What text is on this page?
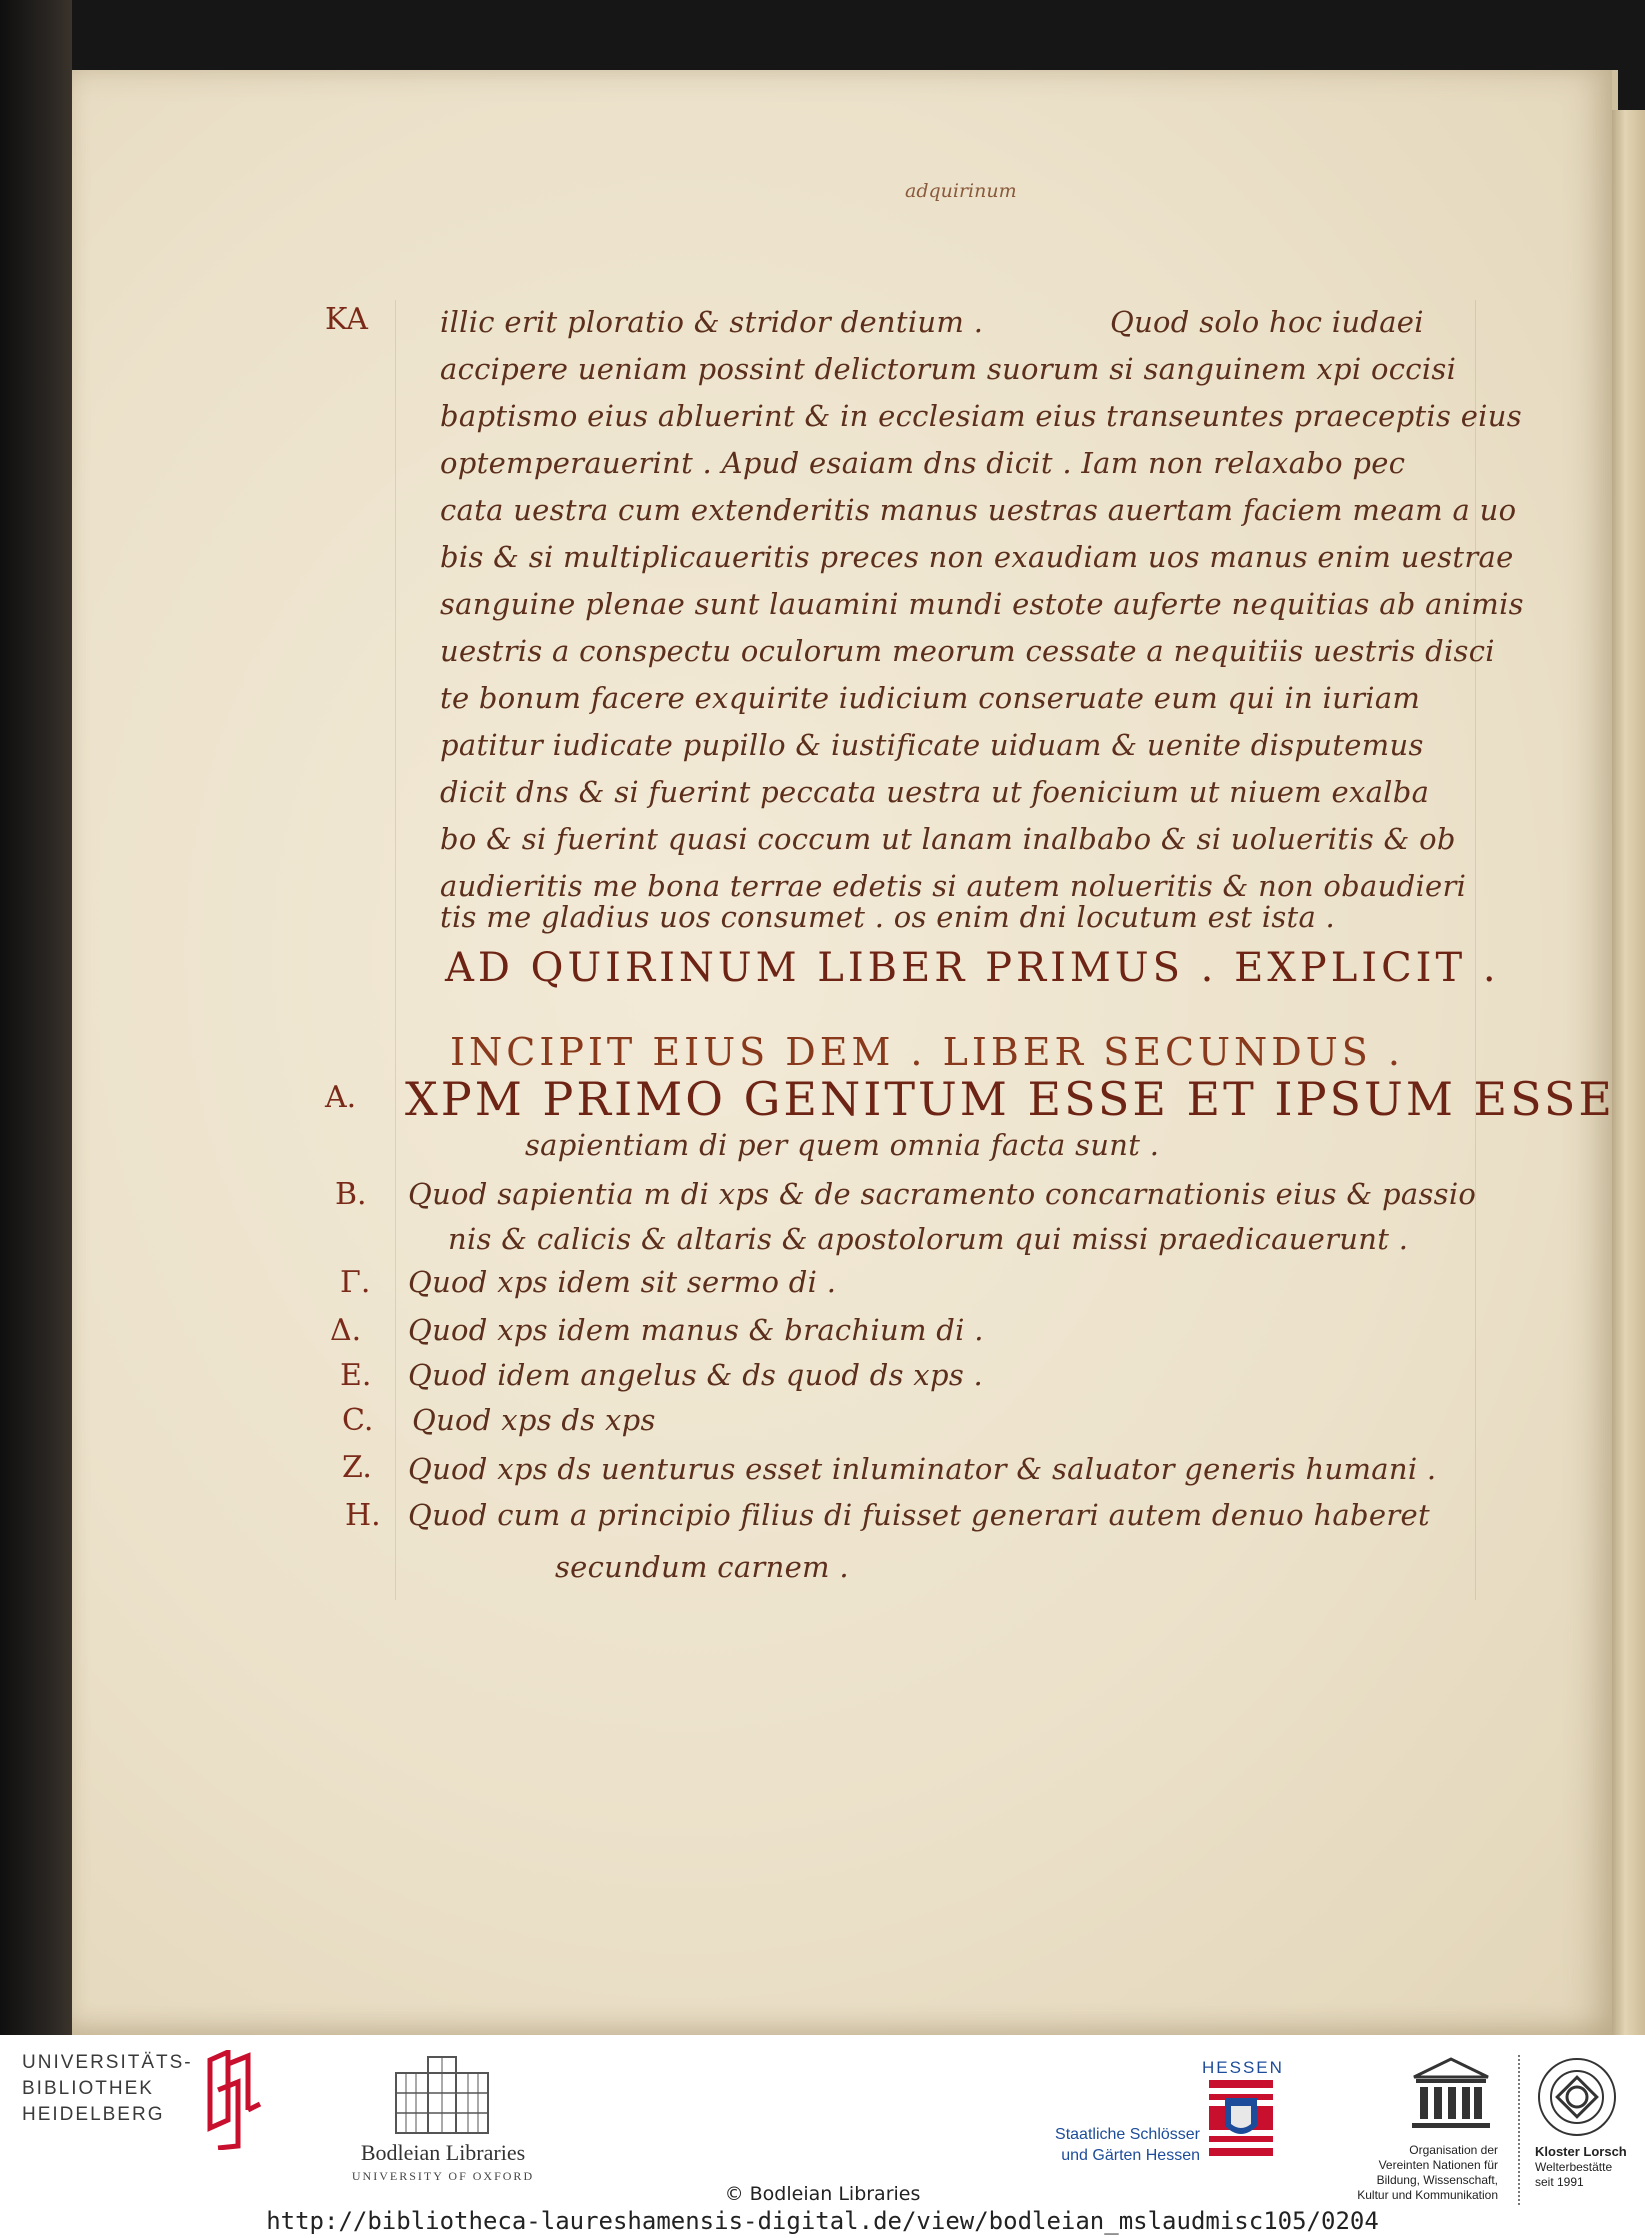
adquirinum
KA illic erit ploratio & stridor dentium .	Quod solo hoc iudaei
accipere ueniam possint delictorum suorum si sanguinem xpi occisi
baptismo eius abluerint & in ecclesiam eius transeuntes praeceptis eius
optemperauerint . Apud esaiam dns dicit . Iam non relaxabo pec
cata uestra cum extenderitis manus uestras auertam faciem meam a uo
bis & si multiplicaueritis preces non exaudiam uos manus enim uestrae
sanguine plenae sunt lauamini mundi estote auferte nequitias ab animis
uestris a conspectu oculorum meorum cessate a nequitiis uestris disci
te bonum facere exquirite iudicium conseruate eum qui in iuriam
patitur iudicate pupillo & iustificate uiduam & uenite disputemus
dicit dns & si fuerint peccata uestra ut foenicium ut niuem exalba
bo & si fuerint quasi coccum ut lanam inalbabo & si uolueritis & ob
audieritis me bona terrae edetis si autem nolueritis & non obaudieri
tis me gladius uos consumet . os enim dni locutum est ista .
AD QUIRINUM LIBER PRIMUS . EXPLICIT .
INCIPIT EIUS DEM . LIBER SECUNDUS .
A. XPM PRIMO GENITUM ESSE ET IPSUM ESSE
sapientiam di per quem omnia facta sunt .
B. Quod sapientia m di xps & de sacramento concarnationis eius & passio
nis & calicis & altaris & apostolorum qui missi praedicauerunt .
Γ. Quod xps idem sit sermo di .
Δ. Quod xps idem manus & brachium di .
E. Quod idem angelus & ds quod ds xps .
C. Quod xps ds xps
Z. Quod xps ds uenturus esset inluminator & saluator generis humani .
H. Quod cum a principio filius di fuisset generari autem denuo haberet
secundum carnem .
UNIVERSITÄTS-
BIBLIOTHEK
HEIDELBERG
Bodleian Libraries
UNIVERSITY OF OXFORD
HESSEN
Staatliche Schlösser
und Gärten Hessen	Organisation der
Vereinten Nationen für
Bildung, Wissenschaft,
Kultur und Kommunikation
Kloster Lorsch
Welterbestätte
seit 1991
© Bodleian Libraries
http://bibliotheca-laureshamensis-digital.de/view/bodleian_mslaudmisc105/0204
